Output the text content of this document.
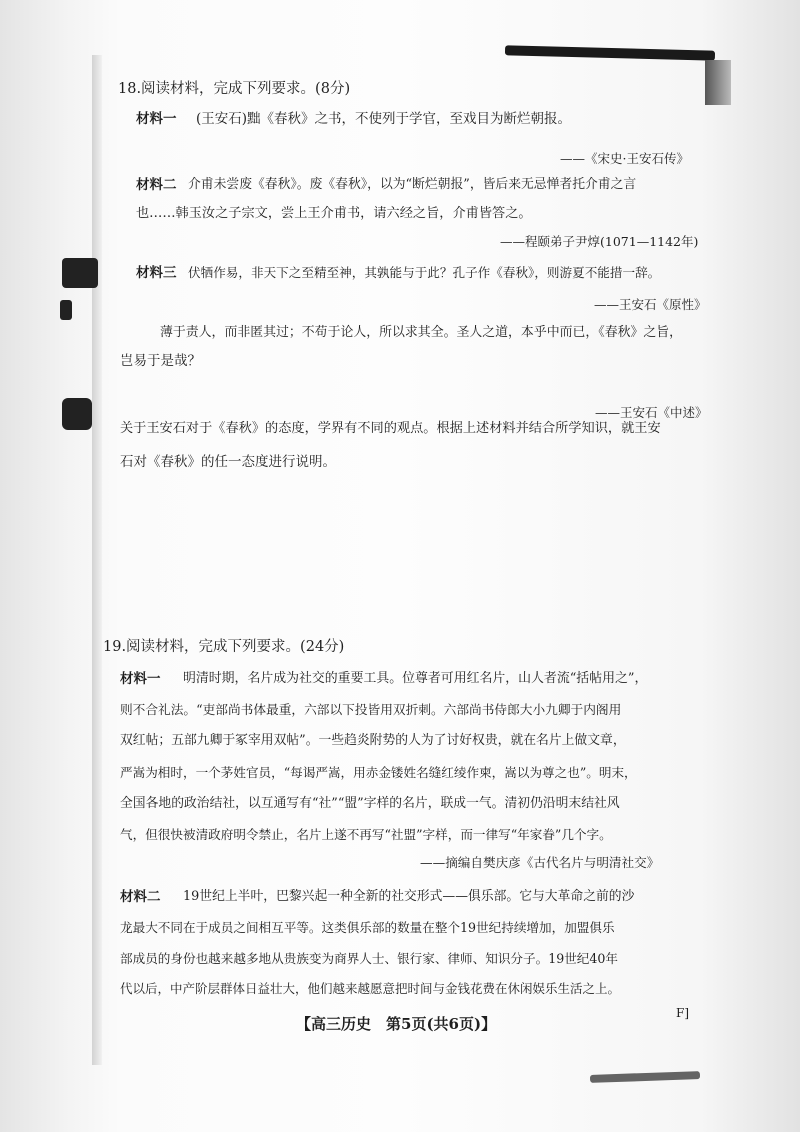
18.阅读材料，完成下列要求。(8分)
材料一 (王安石)黜《春秋》之书，不使列于学官，至戏目为断烂朝报。
——《宋史·王安石传》
材料二 介甫未尝废《春秋》。废《春秋》，以为“断烂朝报”，皆后来无忌惮者托介甫之言
也……韩玉汝之子宗文，尝上王介甫书，请六经之旨，介甫皆答之。
——程颐弟子尹焞(1071—1142年)
材料三 伏牺作易，非天下之至精至神，其孰能与于此？孔子作《春秋》，则游夏不能措一辞。
——王安石《原性》
薄于责人，而非匿其过；不苟于论人，所以求其全。圣人之道，本乎中而已，《春秋》之旨，
岂易于是哉？
——王安石《中述》
关于王安石对于《春秋》的态度，学界有不同的观点。根据上述材料并结合所学知识，就王安
石对《春秋》的任一态度进行说明。
19.阅读材料，完成下列要求。(24分)
材料一 明清时期，名片成为社交的重要工具。位尊者可用红名片，山人者流“括帖用之”，
则不合礼法。“吏部尚书体最重，六部以下投皆用双折刺。六部尚书侍郎大小九卿于内阁用
双红帖；五部九卿于冢宰用双帖”。一些趋炎附势的人为了讨好权贵，就在名片上做文章，
严嵩为相时，一个茅姓官员，“每谒严嵩，用赤金镂姓名缝红绫作柬，嵩以为尊之也”。明末，
全国各地的政治结社，以互通写有“社”“盟”字样的名片，联成一气。清初仍沿明末结社风
气，但很快被清政府明令禁止，名片上遂不再写“社盟”字样，而一律写“年家眷”几个字。
——摘编自樊庆彦《古代名片与明清社交》
材料二 19世纪上半叶，巴黎兴起一种全新的社交形式——俱乐部。它与大革命之前的沙
龙最大不同在于成员之间相互平等。这类俱乐部的数量在整个19世纪持续增加，加盟俱乐
部成员的身份也越来越多地从贵族变为商界人士、银行家、律师、知识分子。19世纪40年
代以后，中产阶层群体日益壮大，他们越来越愿意把时间与金钱花费在休闲娱乐生活之上。
F]
【高三历史　第5页(共6页)】
